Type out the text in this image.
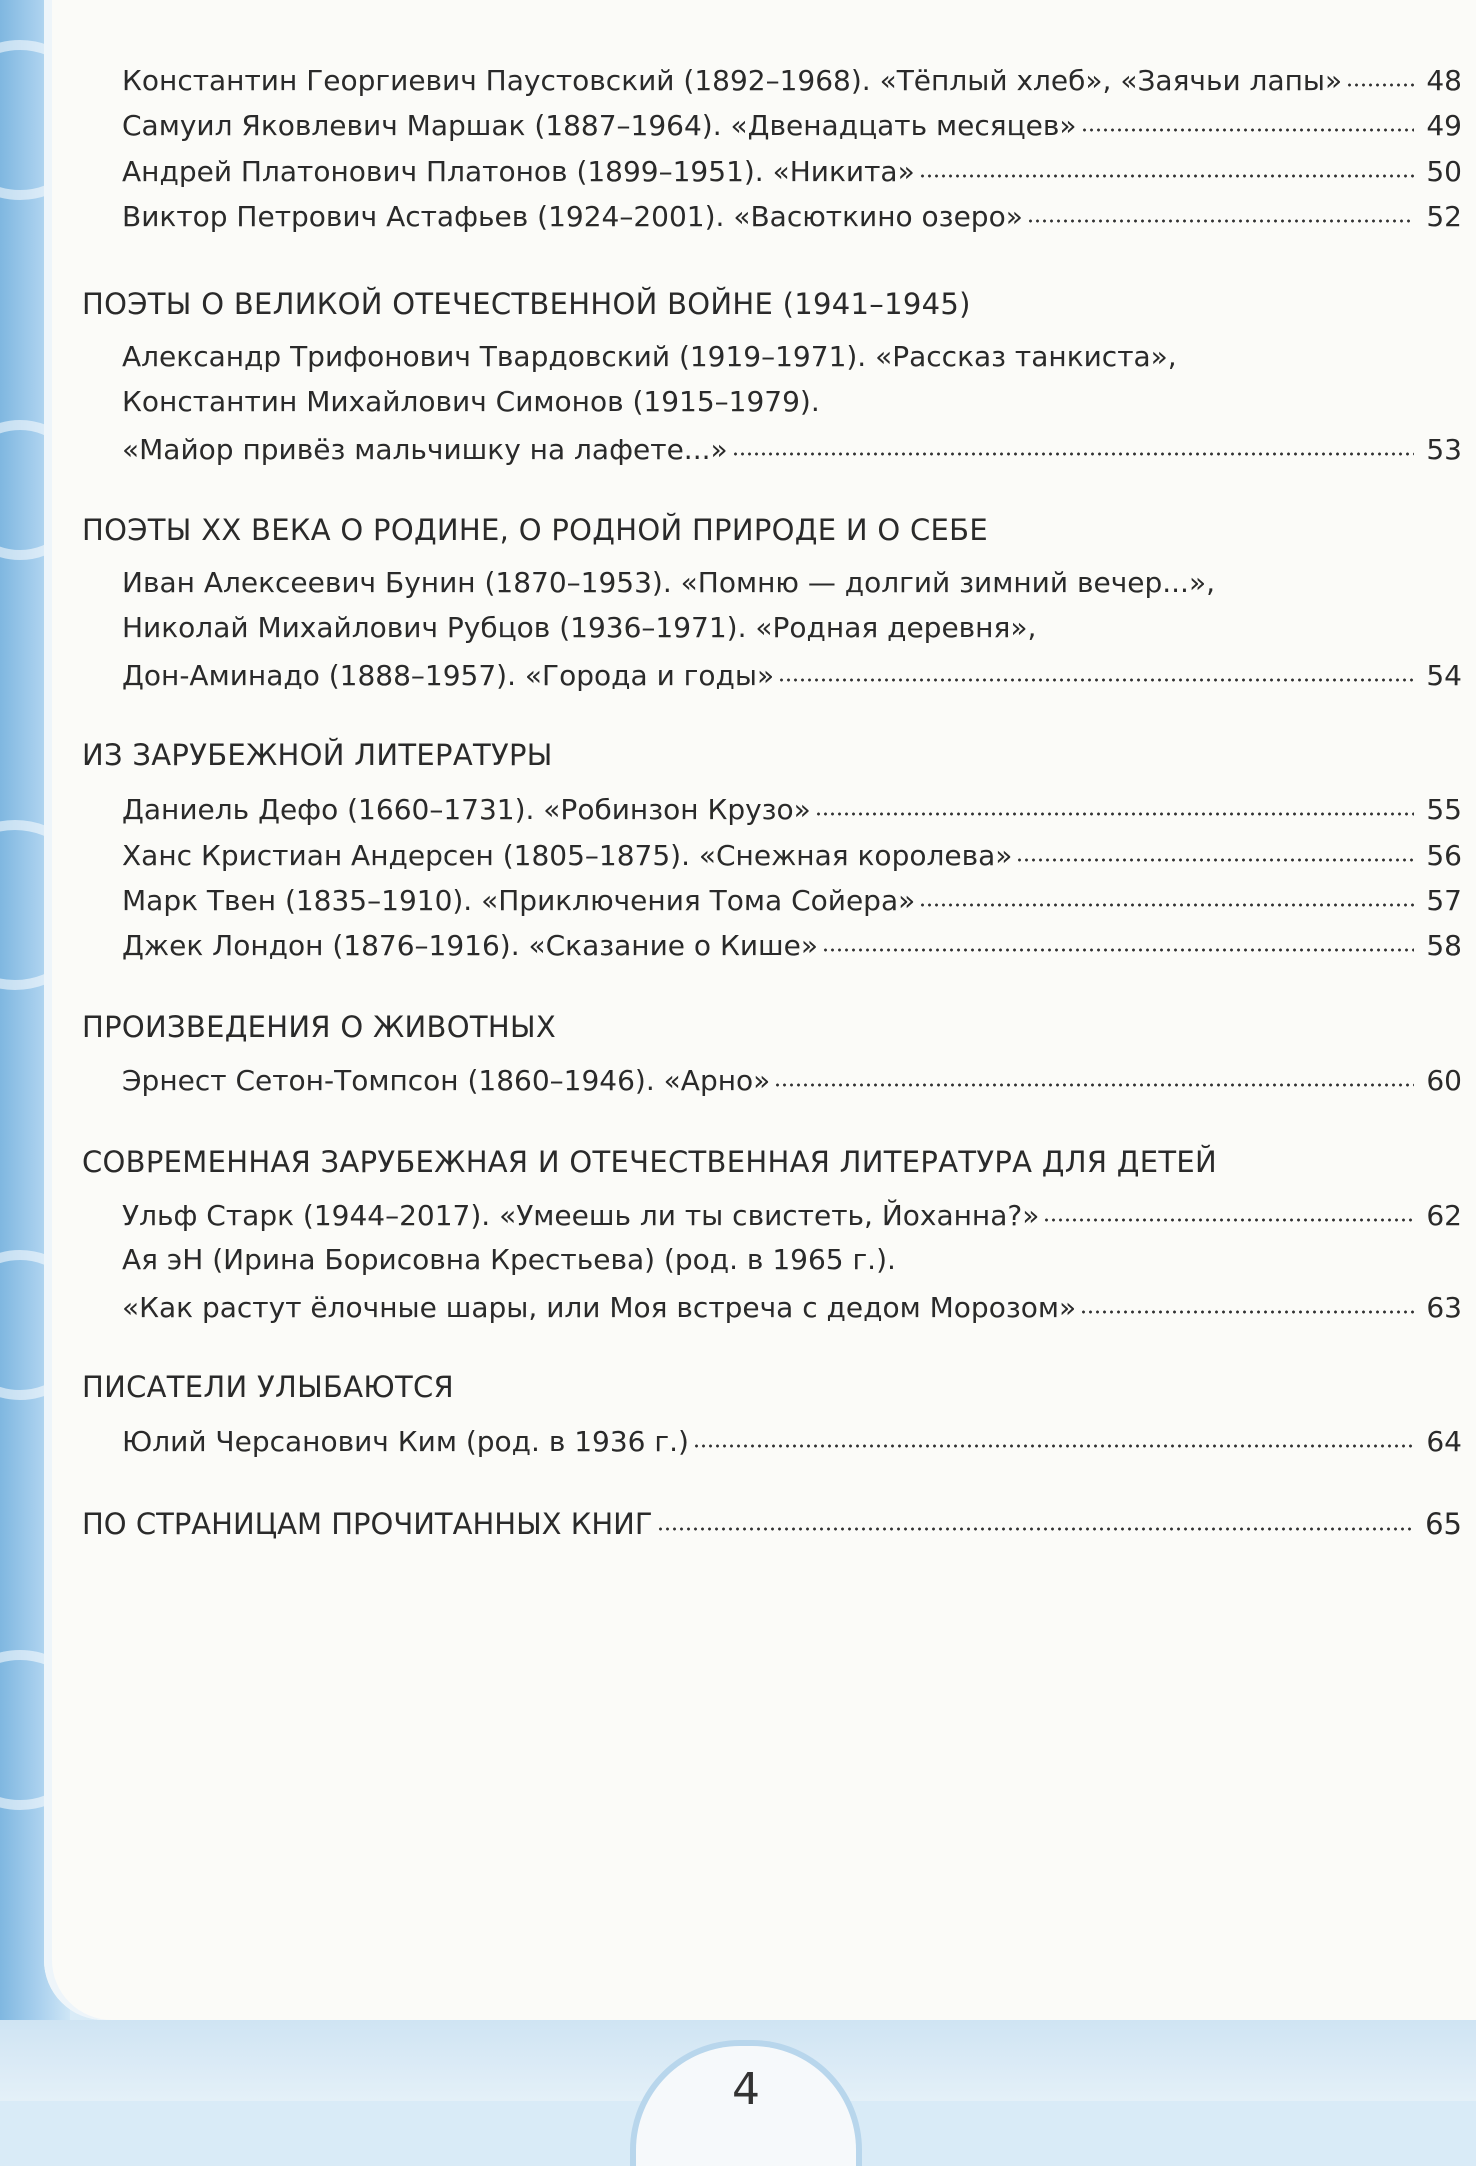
4
Константин Георгиевич Паустовский (1892–1968). «Тёплый хлеб», «Заячьи лапы»	48
Самуил Яковлевич Маршак (1887–1964). «Двенадцать месяцев»	49
Андрей Платонович Платонов (1899–1951). «Никита»	50
Виктор Петрович Астафьев (1924–2001). «Васюткино озеро»	52
ПОЭТЫ О ВЕЛИКОЙ ОТЕЧЕСТВЕННОЙ ВОЙНЕ (1941–1945)
Александр Трифонович Твардовский (1919–1971). «Рассказ танкиста»,
Константин Михайлович Симонов (1915–1979).
«Майор привёз мальчишку на лафете...»	53
ПОЭТЫ XX ВЕКА О РОДИНЕ, О РОДНОЙ ПРИРОДЕ И О СЕБЕ
Иван Алексеевич Бунин (1870–1953). «Помню — долгий зимний вечер...»,
Николай Михайлович Рубцов (1936–1971). «Родная деревня»,
Дон-Аминадо (1888–1957). «Города и годы»	54
ИЗ ЗАРУБЕЖНОЙ ЛИТЕРАТУРЫ
Даниель Дефо (1660–1731). «Робинзон Крузо»	55
Ханс Кристиан Андерсен (1805–1875). «Снежная королева»	56
Марк Твен (1835–1910). «Приключения Тома Сойера»	57
Джек Лондон (1876–1916). «Сказание о Кише»	58
ПРОИЗВЕДЕНИЯ О ЖИВОТНЫХ
Эрнест Сетон-Томпсон (1860–1946). «Арно»	60
СОВРЕМЕННАЯ ЗАРУБЕЖНАЯ И ОТЕЧЕСТВЕННАЯ ЛИТЕРАТУРА ДЛЯ ДЕТЕЙ
Ульф Старк (1944–2017). «Умеешь ли ты свистеть, Йоханна?»	62
Ая эН (Ирина Борисовна Крестьева) (род. в 1965 г.).
«Как растут ёлочные шары, или Моя встреча с дедом Морозом»	63
ПИСАТЕЛИ УЛЫБАЮТСЯ
Юлий Черсанович Ким (род. в 1936 г.)	64
ПО СТРАНИЦАМ ПРОЧИТАННЫХ КНИГ	65
